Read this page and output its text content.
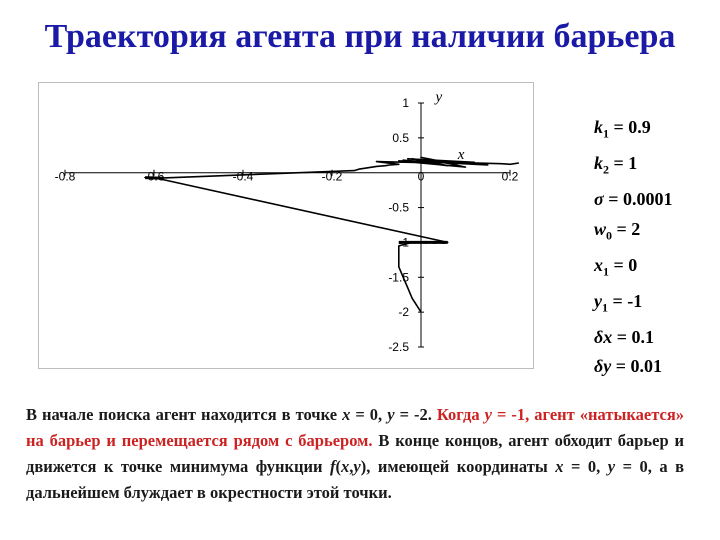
Траектория агента при наличии барьера
-0.8	-0.6	-0.4	-0.2	0	0.2
1
0.5
-0.5
-1
-1.5
-2
-2.5
x
y
$k_1 = 0.9$
$k_2 = 1$
σ = 0.0001
$w_0 = 2$
$x_1 = 0$
$y_1 = -1$
δx = 0.1
δy = 0.01
В начале поиска агент находится в точке x = 0, y = -2. Когда y = -1, агент «натыкается» на барьер и перемещается рядом с барьером. В конце концов, агент обходит барьер и движется к точке минимума функции f(x,y), имеющей координаты x = 0, y = 0, а в дальнейшем блуждает в окрестности этой точки.
